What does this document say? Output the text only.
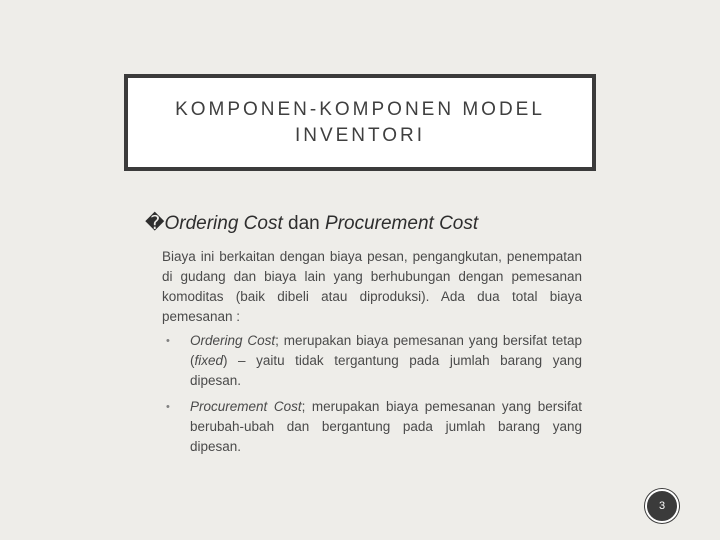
KOMPONEN-KOMPONEN MODEL
INVENTORI
�Ordering Cost dan Procurement Cost

Biaya ini berkaitan dengan biaya pesan, pengangkutan, penempatan di gudang dan biaya lain yang berhubungan dengan pemesanan komoditas (baik dibeli atau diproduksi). Ada dua total biaya pemesanan :

• Ordering Cost; merupakan biaya pemesanan yang bersifat tetap (fixed) – yaitu tidak tergantung pada jumlah barang yang dipesan.
• Procurement Cost; merupakan biaya pemesanan yang bersifat berubah-ubah dan bergantung pada jumlah barang yang dipesan.
3
